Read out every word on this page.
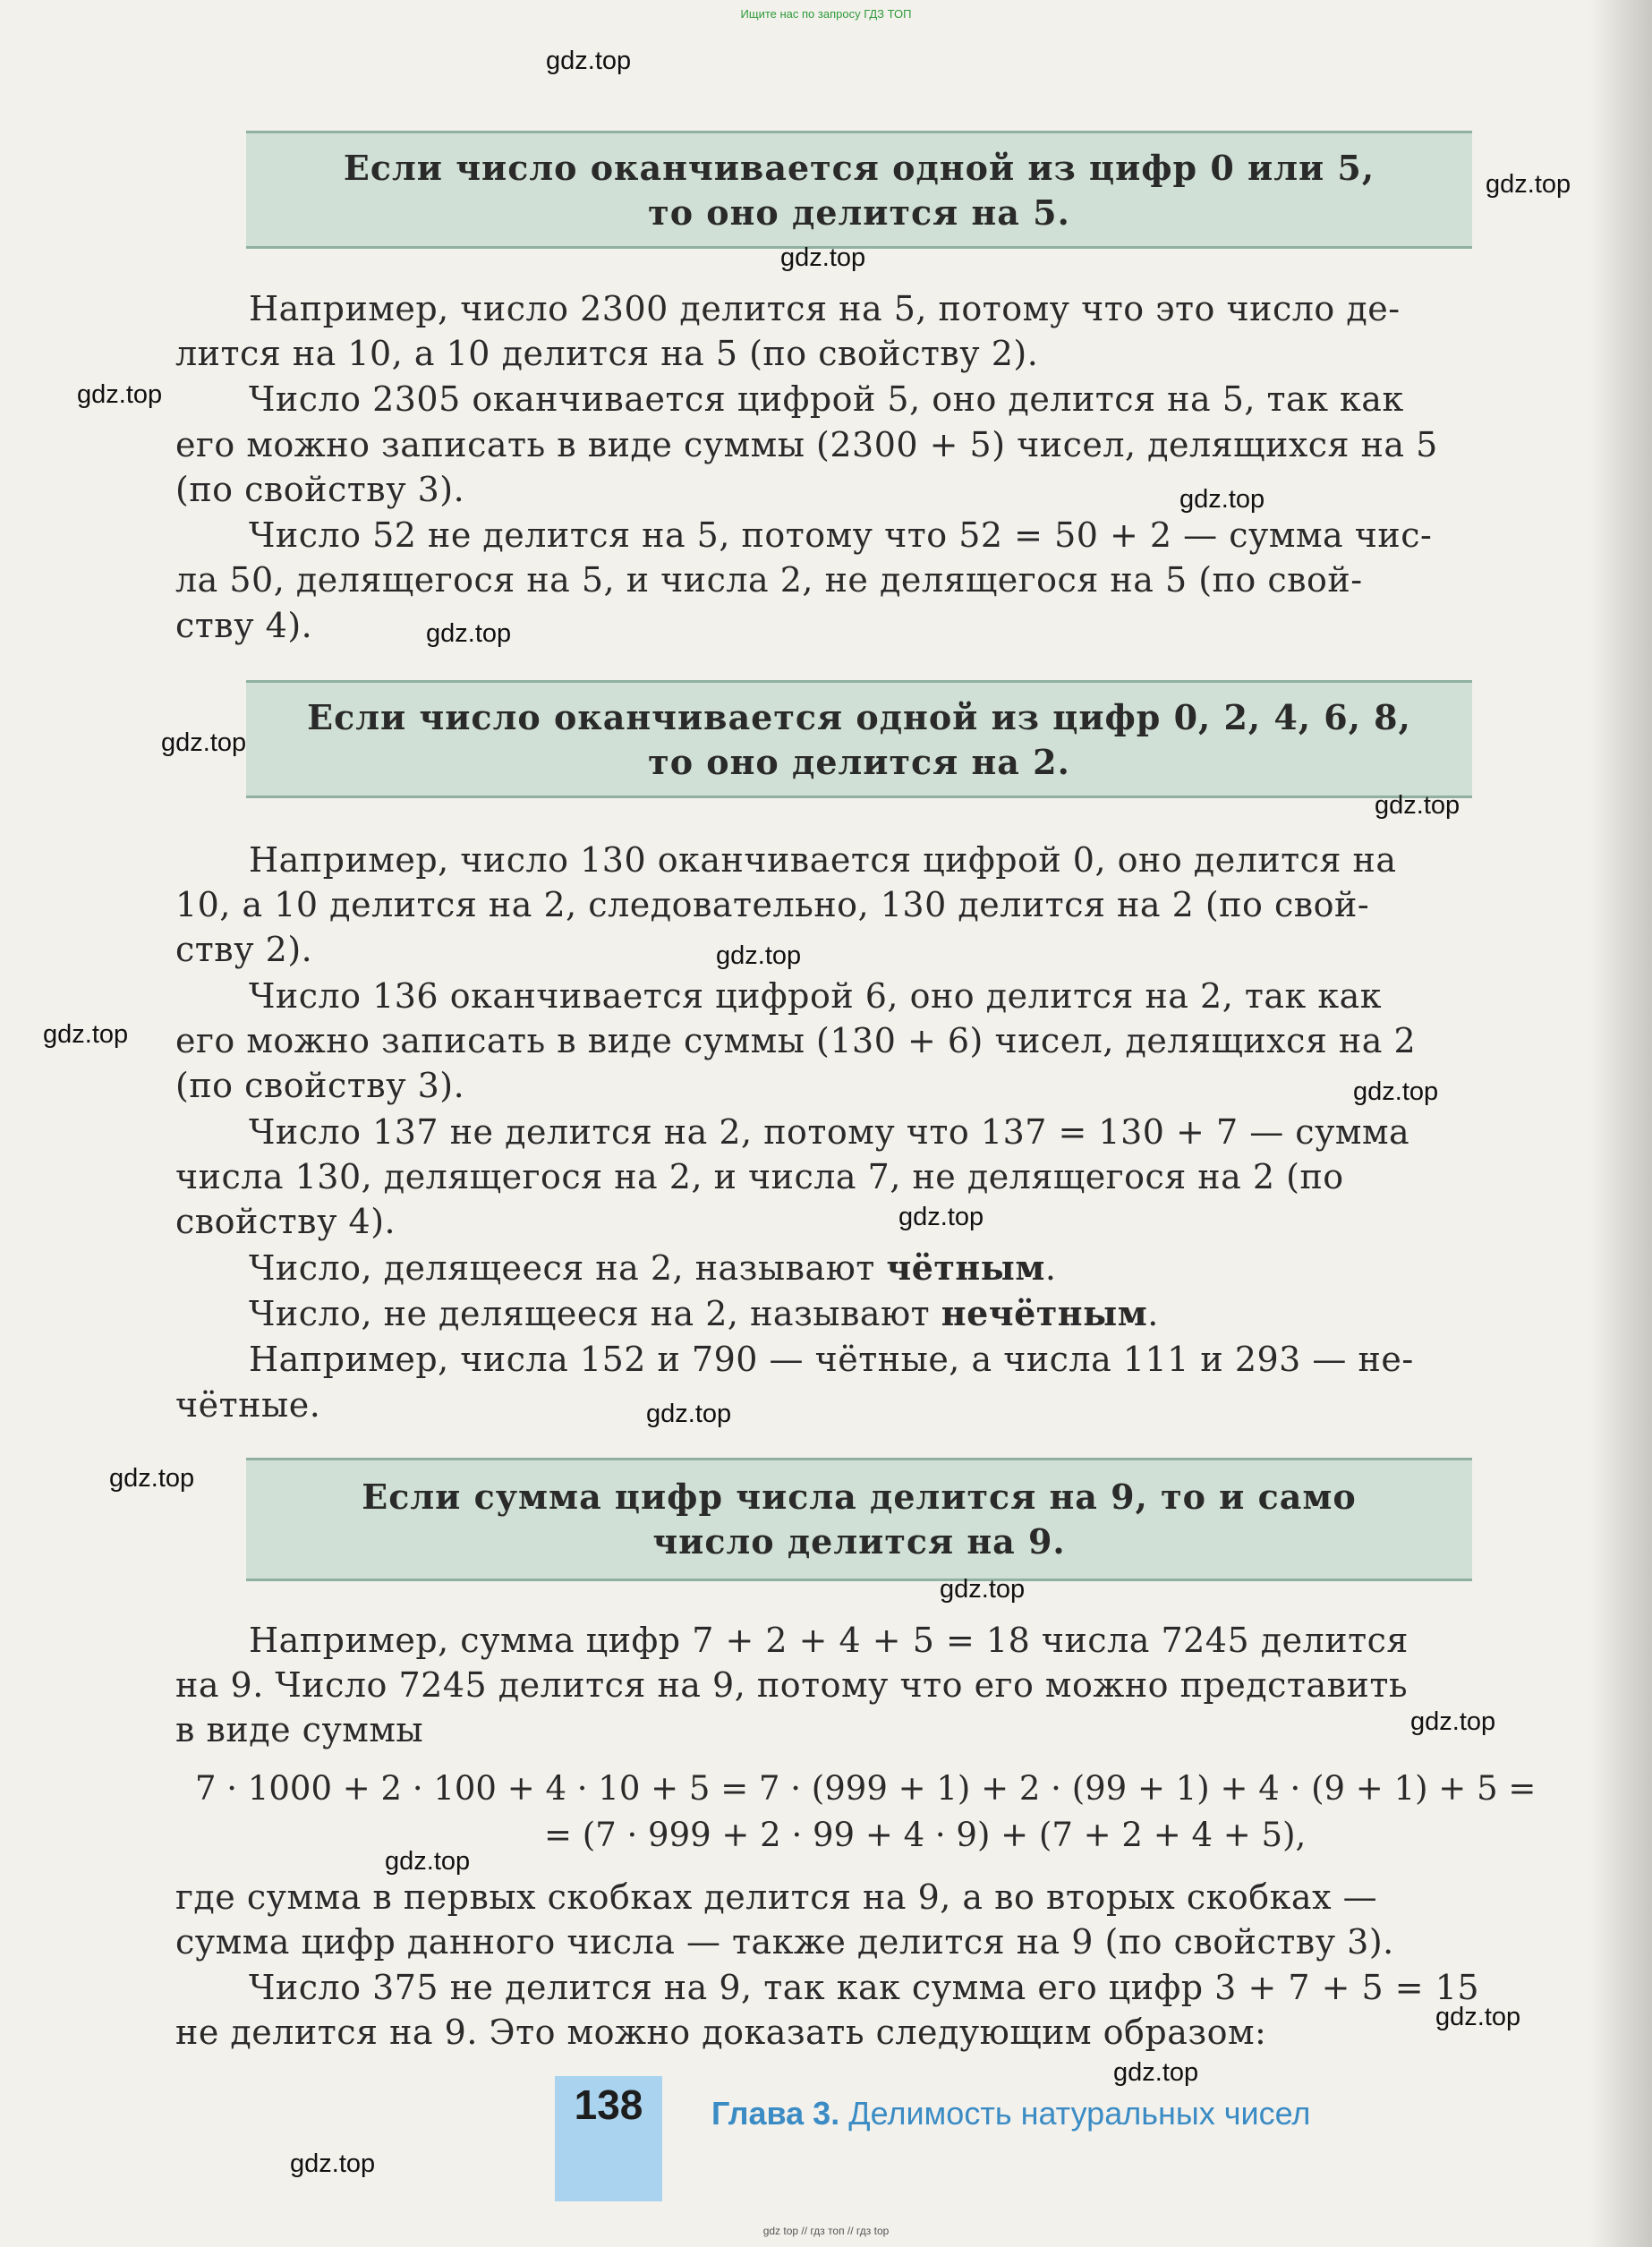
Ищите нас по запросу ГДЗ ТОП
Если число оканчивается одной из цифр 0 или 5,
то оно делится на 5.
Например, число 2300 делится на 5, потому что это число де-
лится на 10, а 10 делится на 5 (по свойству 2).
Число 2305 оканчивается цифрой 5, оно делится на 5, так как
его можно записать в виде суммы (2300 + 5) чисел, делящихся на 5
(по свойству 3).
Число 52 не делится на 5, потому что 52 = 50 + 2 — сумма чис-
ла 50, делящегося на 5, и числа 2, не делящегося на 5 (по свой-
ству 4).
Если число оканчивается одной из цифр 0, 2, 4, 6, 8,
то оно делится на 2.
Например, число 130 оканчивается цифрой 0, оно делится на
10, а 10 делится на 2, следовательно, 130 делится на 2 (по свой-
ству 2).
Число 136 оканчивается цифрой 6, оно делится на 2, так как
его можно записать в виде суммы (130 + 6) чисел, делящихся на 2
(по свойству 3).
Число 137 не делится на 2, потому что 137 = 130 + 7 — сумма
числа 130, делящегося на 2, и числа 7, не делящегося на 2 (по
свойству 4).
Число, делящееся на 2, называют чётным.
Число, не делящееся на 2, называют нечётным.
Например, числа 152 и 790 — чётные, а числа 111 и 293 — не-
чётные.
Если сумма цифр числа делится на 9, то и само
число делится на 9.
Например, сумма цифр 7 + 2 + 4 + 5 = 18 числа 7245 делится
на 9. Число 7245 делится на 9, потому что его можно представить
в виде суммы
7 · 1000 + 2 · 100 + 4 · 10 + 5 = 7 · (999 + 1) + 2 · (99 + 1) + 4 · (9 + 1) + 5 =
= (7 · 999 + 2 · 99 + 4 · 9) + (7 + 2 + 4 + 5),
где сумма в первых скобках делится на 9, а во вторых скобках —
сумма цифр данного числа — также делится на 9 (по свойству 3).
Число 375 не делится на 9, так как сумма его цифр 3 + 7 + 5 = 15
не делится на 9. Это можно доказать следующим образом:
138	Глава 3. Делимость натуральных чисел
gdz top // гдз топ // гдз top
gdz.top
gdz.top
gdz.top
gdz.top
gdz.top
gdz.top
gdz.top
gdz.top
gdz.top
gdz.top
gdz.top
gdz.top
gdz.top
gdz.top
gdz.top
gdz.top
gdz.top
gdz.top
gdz.top
gdz.top
